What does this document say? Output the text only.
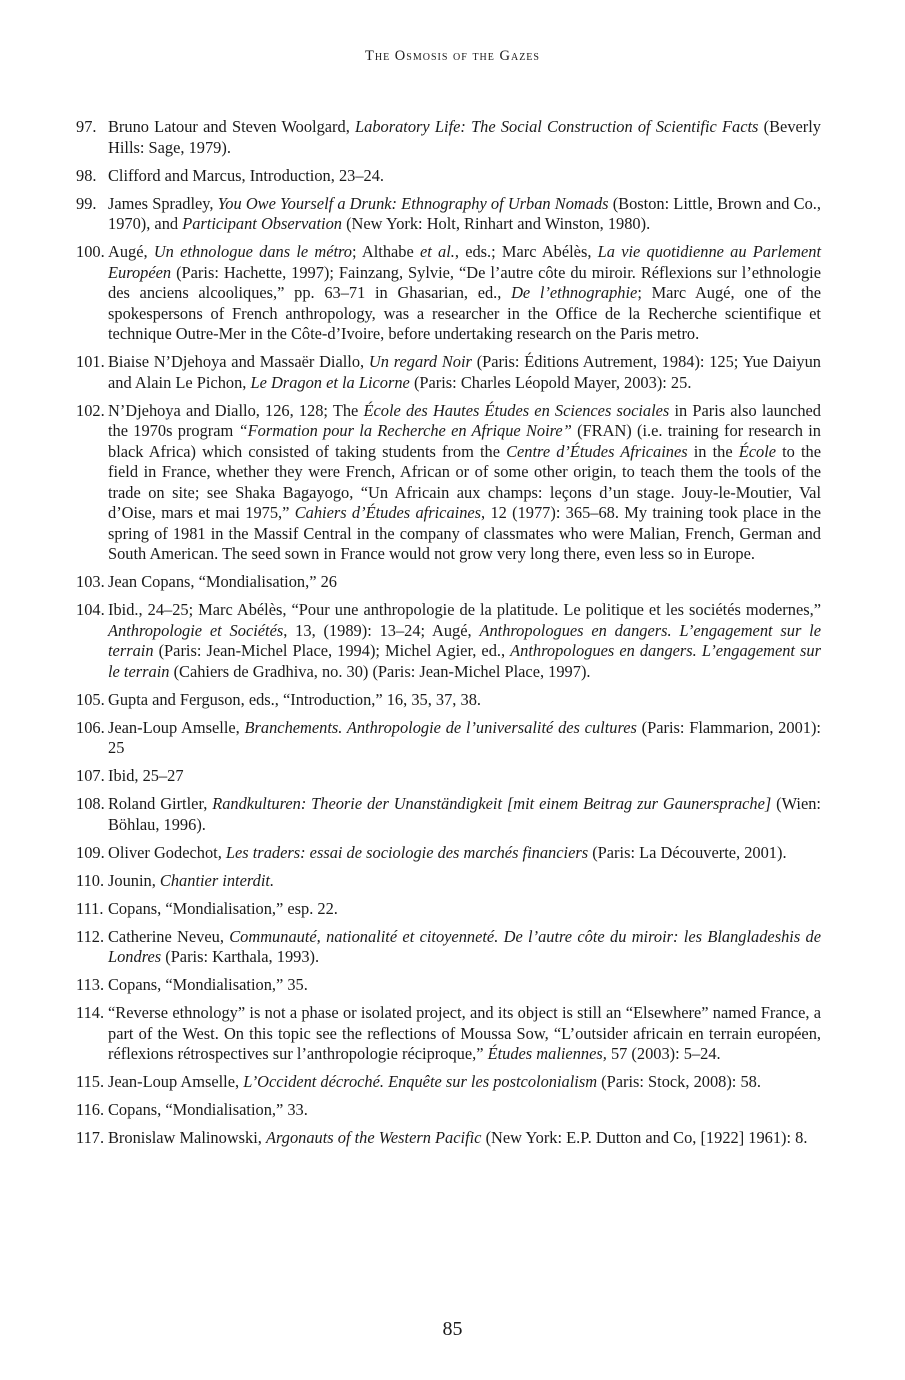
The Osmosis of the Gazes
97. Bruno Latour and Steven Woolgard, Laboratory Life: The Social Construction of Scientific Facts (Beverly Hills: Sage, 1979).
98. Clifford and Marcus, Introduction, 23–24.
99. James Spradley, You Owe Yourself a Drunk: Ethnography of Urban Nomads (Boston: Little, Brown and Co., 1970), and Participant Observation (New York: Holt, Rinhart and Winston, 1980).
100. Augé, Un ethnologue dans le métro; Althabe et al., eds.; Marc Abélès, La vie quotidienne au Parlement Européen (Paris: Hachette, 1997); Fainzang, Sylvie, “De l’autre côte du miroir. Réflexions sur l’ethnologie des anciens alcooliques,” pp. 63–71 in Ghasarian, ed., De l’ethnographie; Marc Augé, one of the spokespersons of French anthropology, was a researcher in the Office de la Recherche scientifique et technique Outre-Mer in the Côte-d’Ivoire, before undertaking research on the Paris metro.
101. Biaise N’Djehoya and Massaër Diallo, Un regard Noir (Paris: Éditions Autrement, 1984): 125; Yue Daiyun and Alain Le Pichon, Le Dragon et la Licorne (Paris: Charles Léopold Mayer, 2003): 25.
102. N’Djehoya and Diallo, 126, 128; The École des Hautes Études en Sciences sociales in Paris also launched the 1970s program “Formation pour la Recherche en Afrique Noire” (FRAN) (i.e. training for research in black Africa) which consisted of taking students from the Centre d’Études Africaines in the École to the field in France, whether they were French, African or of some other origin, to teach them the tools of the trade on site; see Shaka Bagayogo, “Un Africain aux champs: leçons d’un stage. Jouy-le-Moutier, Val d’Oise, mars et mai 1975,” Cahiers d’Études africaines, 12 (1977): 365–68. My training took place in the spring of 1981 in the Massif Central in the company of classmates who were Malian, French, German and South American. The seed sown in France would not grow very long there, even less so in Europe.
103. Jean Copans, “Mondialisation,” 26
104. Ibid., 24–25; Marc Abélès, “Pour une anthropologie de la platitude. Le politique et les sociétés modernes,” Anthropologie et Sociétés, 13, (1989): 13–24; Augé, Anthropologues en dangers. L’engagement sur le terrain (Paris: Jean-Michel Place, 1994); Michel Agier, ed., Anthropologues en dangers. L’engagement sur le terrain (Cahiers de Gradhiva, no. 30) (Paris: Jean-Michel Place, 1997).
105. Gupta and Ferguson, eds., “Introduction,” 16, 35, 37, 38.
106. Jean-Loup Amselle, Branchements. Anthropologie de l’universalité des cultures (Paris: Flammarion, 2001): 25
107. Ibid, 25–27
108. Roland Girtler, Randkulturen: Theorie der Unanständigkeit [mit einem Beitrag zur Gaunersprache] (Wien: Böhlau, 1996).
109. Oliver Godechot, Les traders: essai de sociologie des marchés financiers (Paris: La Découverte, 2001).
110. Jounin, Chantier interdit.
111. Copans, “Mondialisation,” esp. 22.
112. Catherine Neveu, Communauté, nationalité et citoyenneté. De l’autre côte du miroir: les Blangladeshis de Londres (Paris: Karthala, 1993).
113. Copans, “Mondialisation,” 35.
114. “Reverse ethnology” is not a phase or isolated project, and its object is still an “Elsewhere” named France, a part of the West. On this topic see the reflections of Moussa Sow, “L’outsider africain en terrain européen, réflexions rétrospectives sur l’anthropologie réciproque,” Études maliennes, 57 (2003): 5–24.
115. Jean-Loup Amselle, L’Occident décroché. Enquête sur les postcolonialism (Paris: Stock, 2008): 58.
116. Copans, “Mondialisation,” 33.
117. Bronislaw Malinowski, Argonauts of the Western Pacific (New York: E.P. Dutton and Co, [1922] 1961): 8.
85
